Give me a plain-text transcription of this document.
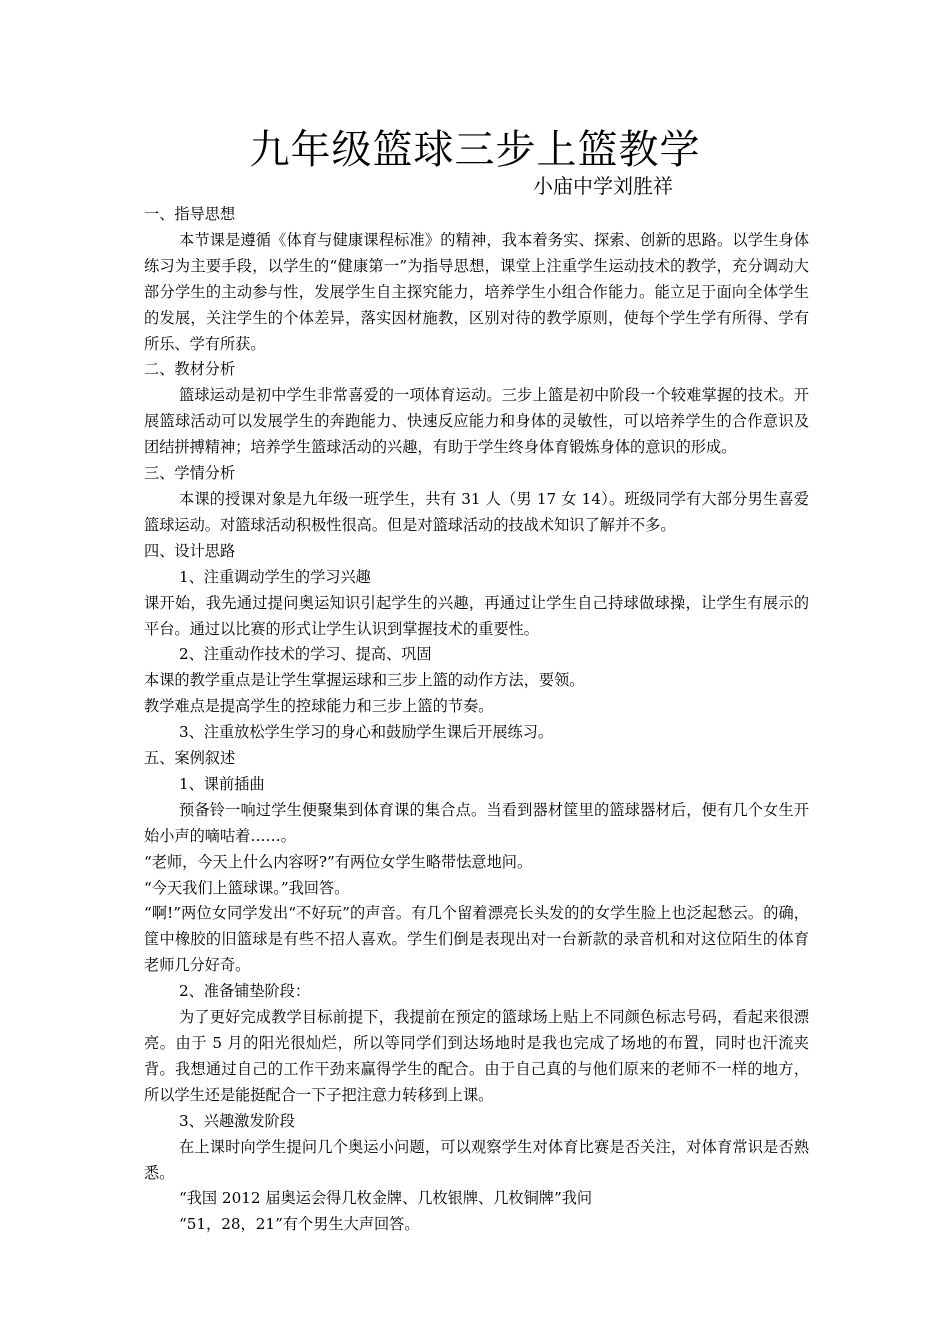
九年级篮球三步上篮教学
小庙中学刘胜祥

一、指导思想

本节课是遵循《体育与健康课程标准》的精神，我本着务实、探索、创新的思路。以学生身体练习为主要手段，以学生的“健康第一”为指导思想，课堂上注重学生运动技术的教学，充分调动大部分学生的主动参与性，发展学生自主探究能力，培养学生小组合作能力。能立足于面向全体学生的发展，关注学生的个体差异，落实因材施教，区别对待的教学原则，使每个学生学有所得、学有所乐、学有所获。

二、教材分析

篮球运动是初中学生非常喜爱的一项体育运动。三步上篮是初中阶段一个较难掌握的技术。开展篮球活动可以发展学生的奔跑能力、快速反应能力和身体的灵敏性，可以培养学生的合作意识及团结拼搏精神；培养学生篮球活动的兴趣，有助于学生终身体育锻炼身体的意识的形成。

三、学情分析

本课的授课对象是九年级一班学生，共有 31 人（男 17 女 14）。班级同学有大部分男生喜爱篮球运动。对篮球活动积极性很高。但是对篮球活动的技战术知识了解并不多。

四、设计思路

1、注重调动学生的学习兴趣

课开始，我先通过提问奥运知识引起学生的兴趣，再通过让学生自己持球做球操，让学生有展示的平台。通过以比赛的形式让学生认识到掌握技术的重要性。

2、注重动作技术的学习、提高、巩固

本课的教学重点是让学生掌握运球和三步上篮的动作方法，要领。

教学难点是提高学生的控球能力和三步上篮的节奏。

3、注重放松学生学习的身心和鼓励学生课后开展练习。

五、案例叙述

1、课前插曲

预备铃一响过学生便聚集到体育课的集合点。当看到器材筐里的篮球器材后，便有几个女生开始小声的嘀咕着……。

“老师，今天上什么内容呀?”有两位女学生略带怯意地问。

“今天我们上篮球课。”我回答。

“啊!”两位女同学发出“不好玩”的声音。有几个留着漂亮长头发的的女学生脸上也泛起愁云。的确，筐中橡胶的旧篮球是有些不招人喜欢。学生们倒是表现出对一台新款的录音机和对这位陌生的体育老师几分好奇。

2、准备铺垫阶段：

为了更好完成教学目标前提下，我提前在预定的篮球场上贴上不同颜色标志号码，看起来很漂亮。由于 5 月的阳光很灿烂，所以等同学们到达场地时是我也完成了场地的布置，同时也汗流夹背。我想通过自己的工作干劲来赢得学生的配合。由于自己真的与他们原来的老师不一样的地方，所以学生还是能挺配合一下子把注意力转移到上课。

3、兴趣激发阶段

在上课时向学生提问几个奥运小问题，可以观察学生对体育比赛是否关注，对体育常识是否熟悉。

“我国 2012 届奥运会得几枚金牌、几枚银牌、几枚铜牌”我问

“51，28，21”有个男生大声回答。
